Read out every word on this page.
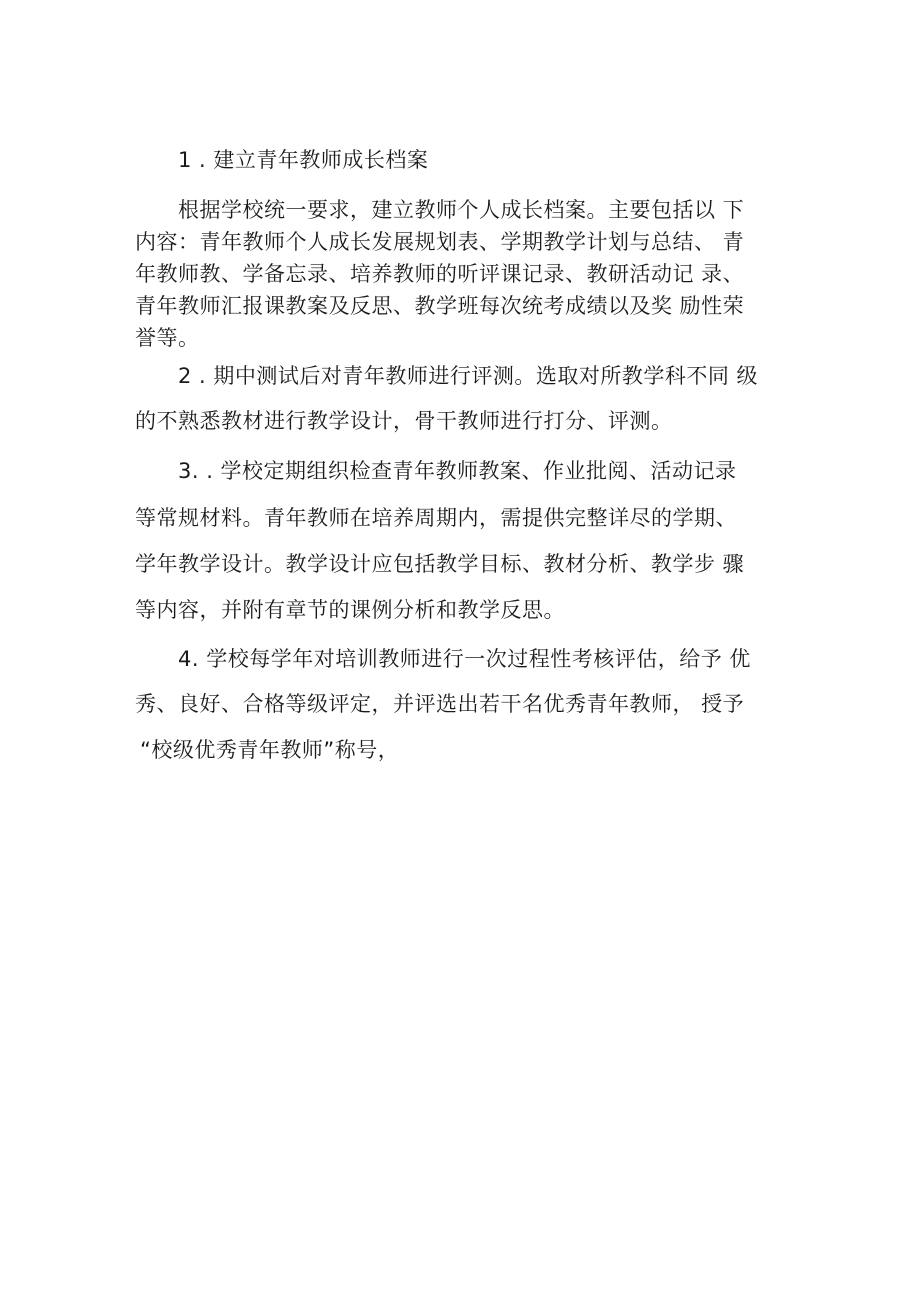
1 . 建立青年教师成长档案
根据学校统一要求，建立教师个人成长档案。主要包括以 下
内容：青年教师个人成长发展规划表、学期教学计划与总结、 青
年教师教、学备忘录、培养教师的听评课记录、教研活动记 录、
青年教师汇报课教案及反思、教学班每次统考成绩以及奖 励性荣
誉等。
2 . 期中测试后对青年教师进行评测。选取对所教学科不同 级
的不熟悉教材进行教学设计，骨干教师进行打分、评测。
3. . 学校定期组织检查青年教师教案、作业批阅、活动记录
等常规材料。青年教师在培养周期内，需提供完整详尽的学期、
学年教学设计。教学设计应包括教学目标、教材分析、教学步 骤
等内容，并附有章节的课例分析和教学反思。
4. 学校每学年对培训教师进行一次过程性考核评估，给予 优
秀、良好、合格等级评定，并评选出若干名优秀青年教师， 授予
“校级优秀青年教师”称号，
